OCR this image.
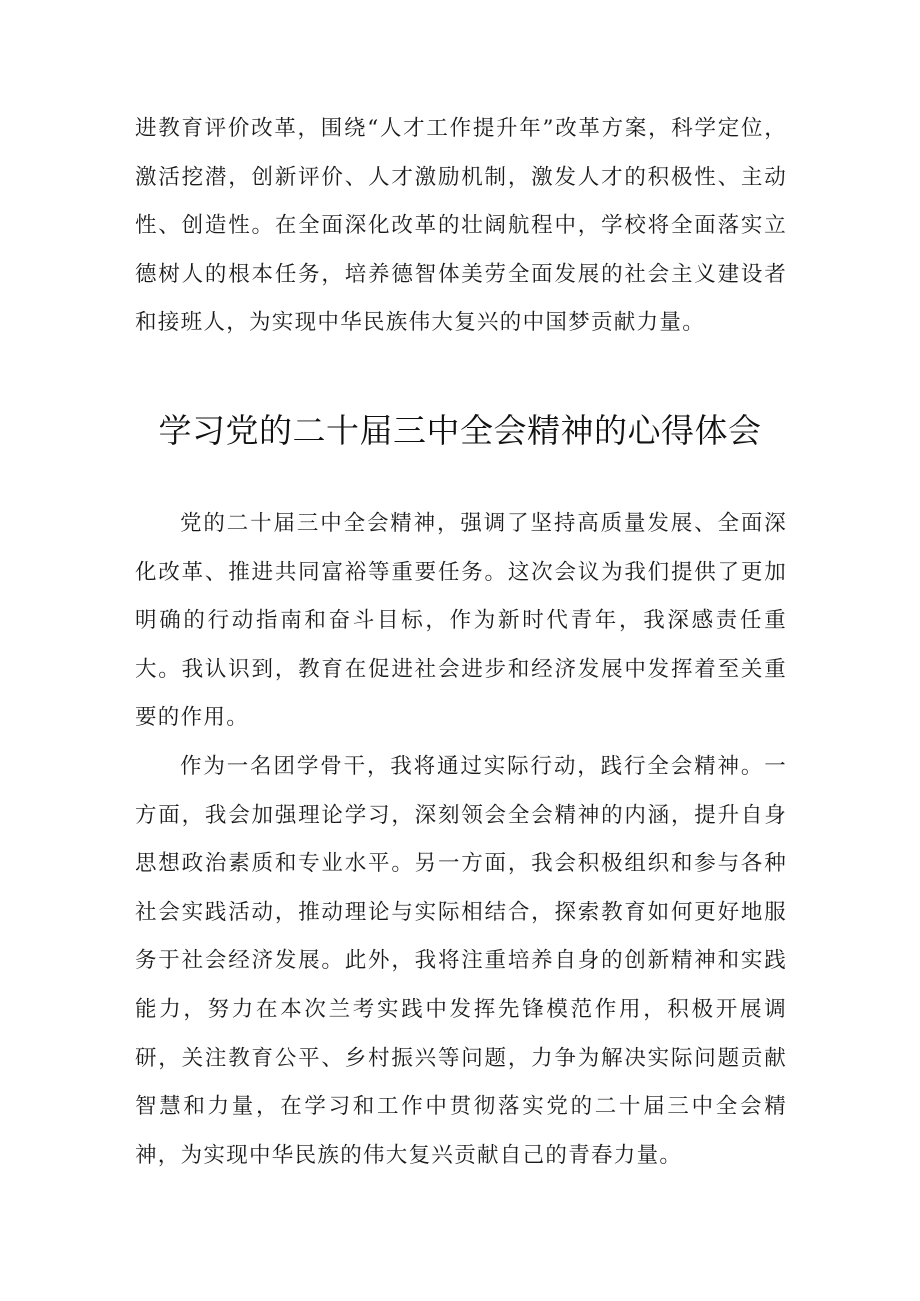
进教育评价改革，围绕“人才工作提升年”改革方案，科学定位，激活挖潜，创新评价、人才激励机制，激发人才的积极性、主动性、创造性。在全面深化改革的壮阔航程中，学校将全面落实立德树人的根本任务，培养德智体美劳全面发展的社会主义建设者和接班人，为实现中华民族伟大复兴的中国梦贡献力量。

学习党的二十届三中全会精神的心得体会

党的二十届三中全会精神，强调了坚持高质量发展、全面深化改革、推进共同富裕等重要任务。这次会议为我们提供了更加明确的行动指南和奋斗目标，作为新时代青年，我深感责任重大。我认识到，教育在促进社会进步和经济发展中发挥着至关重要的作用。

作为一名团学骨干，我将通过实际行动，践行全会精神。一方面，我会加强理论学习，深刻领会全会精神的内涵，提升自身思想政治素质和专业水平。另一方面，我会积极组织和参与各种社会实践活动，推动理论与实际相结合，探索教育如何更好地服务于社会经济发展。此外，我将注重培养自身的创新精神和实践能力，努力在本次兰考实践中发挥先锋模范作用，积极开展调研，关注教育公平、乡村振兴等问题，力争为解决实际问题贡献智慧和力量，在学习和工作中贯彻落实党的二十届三中全会精神，为实现中华民族的伟大复兴贡献自己的青春力量。
